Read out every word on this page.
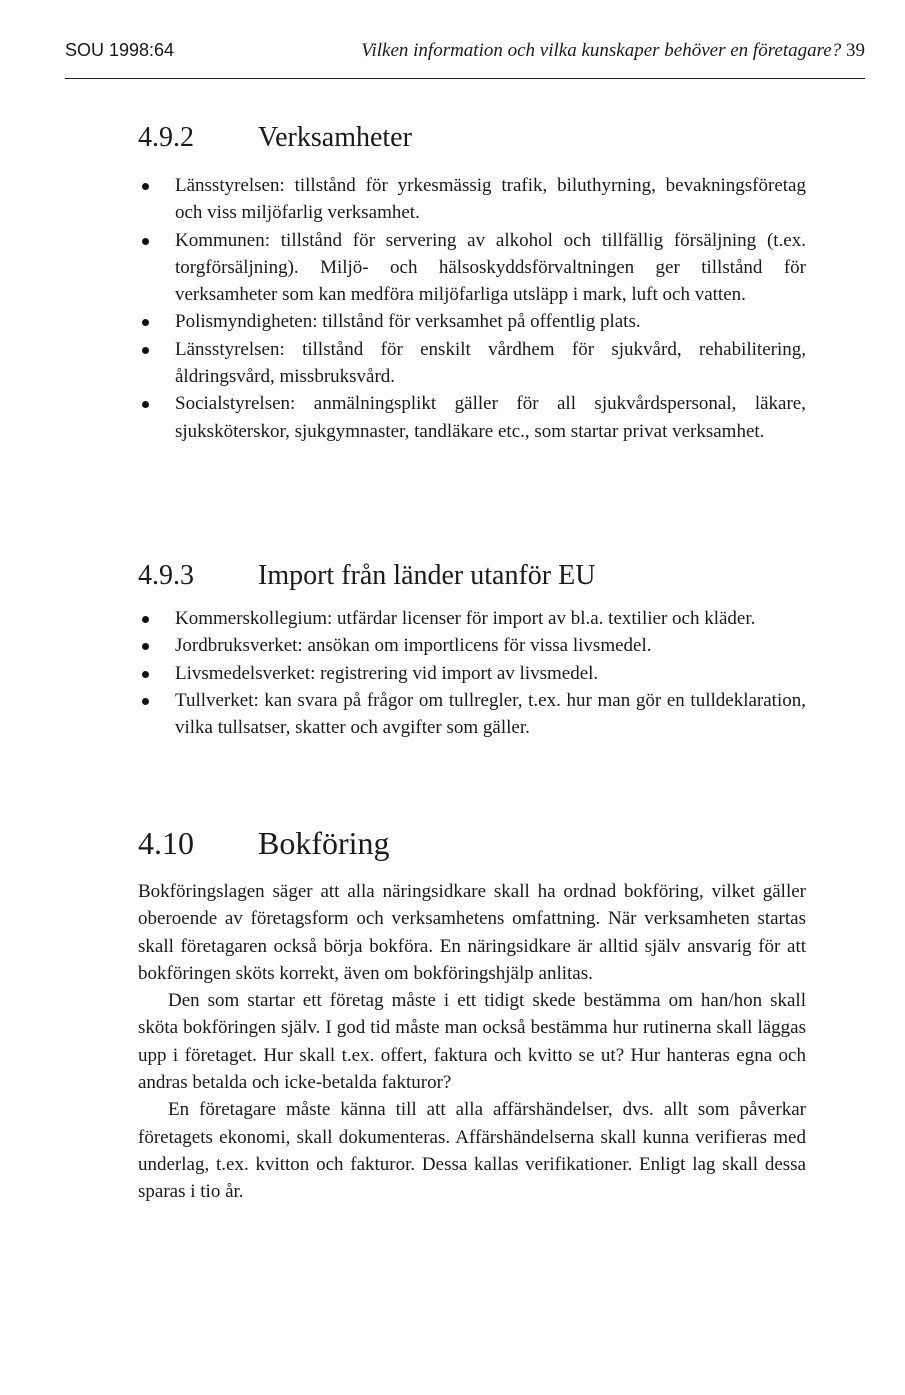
SOU 1998:64	Vilken information och vilka kunskaper behöver en företagare? 39
4.9.2 Verksamheter
Länsstyrelsen: tillstånd för yrkesmässig trafik, biluthyrning, bevakningsföretag och viss miljöfarlig verksamhet.
Kommunen: tillstånd för servering av alkohol och tillfällig försäljning (t.ex. torgförsäljning). Miljö- och hälsoskyddsförvaltningen ger tillstånd för verksamheter som kan medföra miljöfarliga utsläpp i mark, luft och vatten.
Polismyndigheten: tillstånd för verksamhet på offentlig plats.
Länsstyrelsen: tillstånd för enskilt vårdhem för sjukvård, rehabilitering, åldringsvård, missbruksvård.
Socialstyrelsen: anmälningsplikt gäller för all sjukvårdspersonal, läkare, sjuksköterskor, sjukgymnaster, tandläkare etc., som startar privat verksamhet.
4.9.3 Import från länder utanför EU
Kommerskollegium: utfärdar licenser för import av bl.a. textilier och kläder.
Jordbruksverket: ansökan om importlicens för vissa livsmedel.
Livsmedelsverket: registrering vid import av livsmedel.
Tullverket: kan svara på frågor om tullregler, t.ex. hur man gör en tulldeklaration, vilka tullsatser, skatter och avgifter som gäller.
4.10 Bokföring

Bokföringslagen säger att alla näringsidkare skall ha ordnad bokföring, vilket gäller oberoende av företagsform och verksamhetens omfattning. När verksamheten startas skall företagaren också börja bokföra. En näringsidkare är alltid själv ansvarig för att bokföringen sköts korrekt, även om bokföringshjälp anlitas.

Den som startar ett företag måste i ett tidigt skede bestämma om han/hon skall sköta bokföringen själv. I god tid måste man också bestämma hur rutinerna skall läggas upp i företaget. Hur skall t.ex. offert, faktura och kvitto se ut? Hur hanteras egna och andras betalda och icke-betalda fakturor?

En företagare måste känna till att alla affärshändelser, dvs. allt som påverkar företagets ekonomi, skall dokumenteras. Affärshändelserna skall kunna verifieras med underlag, t.ex. kvitton och fakturor. Dessa kallas verifikationer. Enligt lag skall dessa sparas i tio år.
